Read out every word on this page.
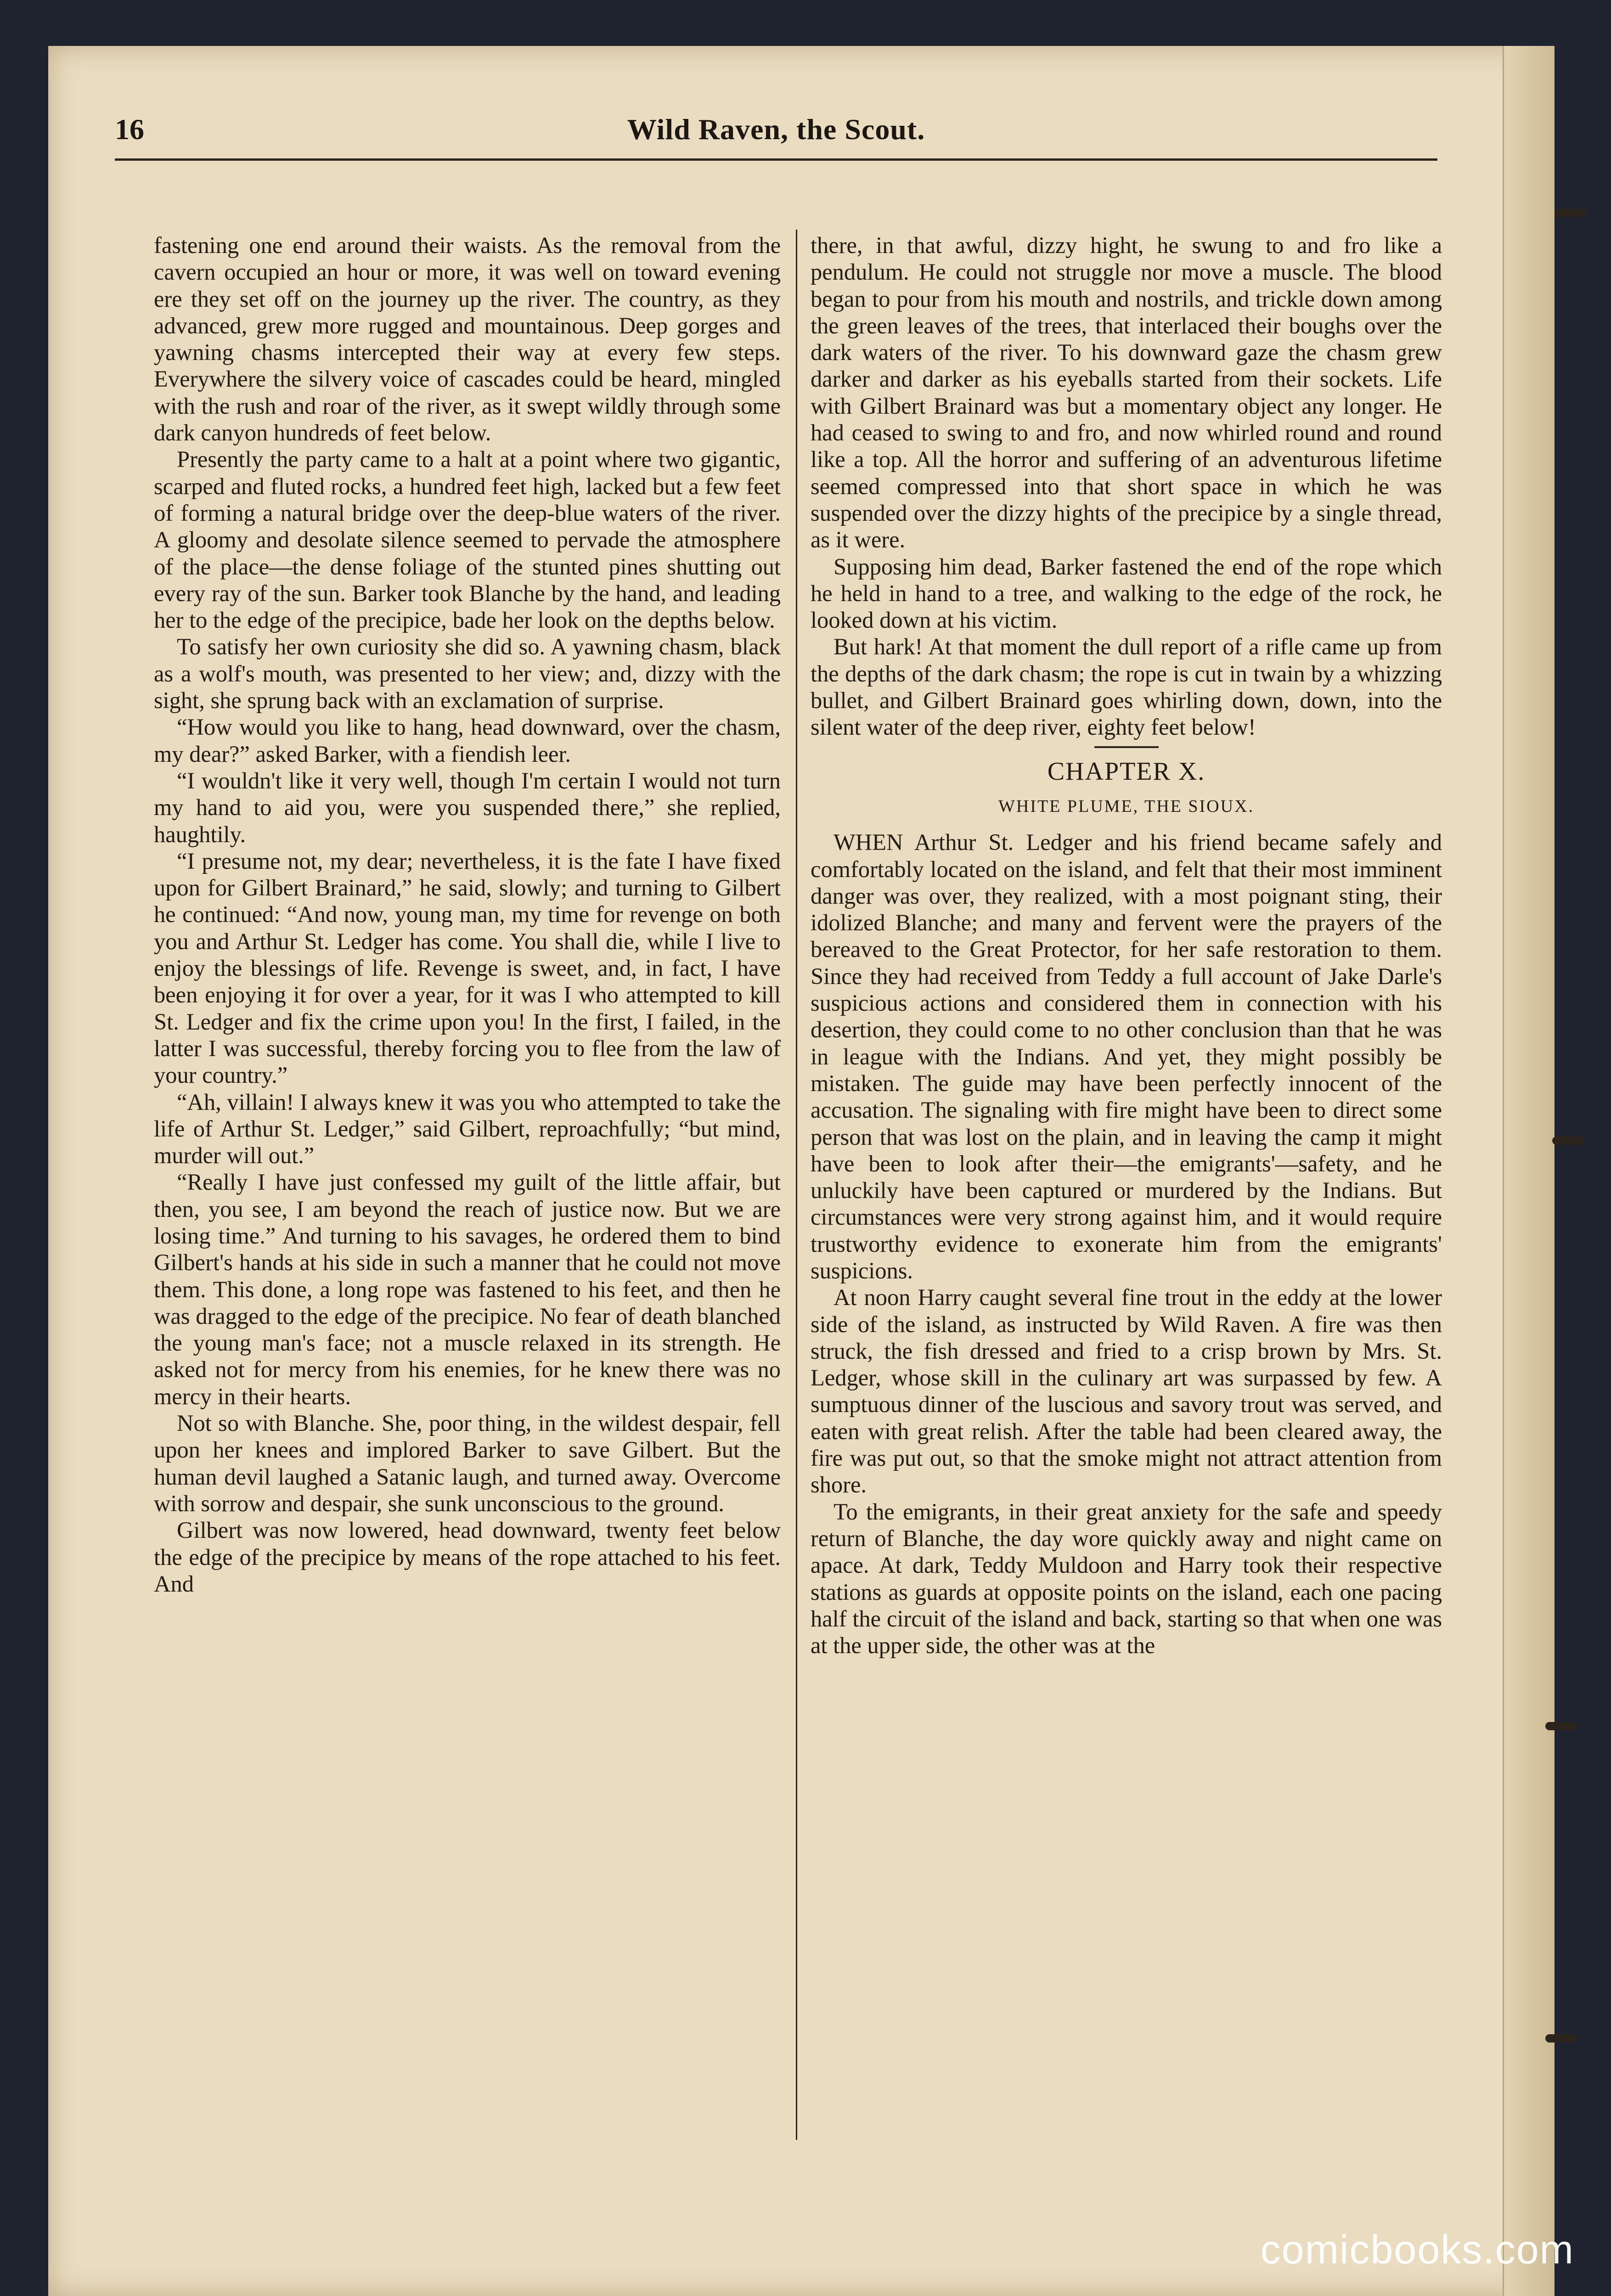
16	Wild Raven, the Scout.

fastening one end around their waists. As the removal from the cavern occupied an hour or more, it was well on toward evening ere they set off on the journey up the river. The country, as they advanced, grew more rugged and mountainous. Deep gorges and yawning chasms intercepted their way at every few steps. Everywhere the silvery voice of cascades could be heard, mingled with the rush and roar of the river, as it swept wildly through some dark canyon hundreds of feet below.

Presently the party came to a halt at a point where two gigantic, scarped and fluted rocks, a hundred feet high, lacked but a few feet of forming a natural bridge over the deep-blue waters of the river. A gloomy and desolate silence seemed to pervade the atmosphere of the place—the dense foliage of the stunted pines shutting out every ray of the sun. Barker took Blanche by the hand, and leading her to the edge of the precipice, bade her look on the depths below.

To satisfy her own curiosity she did so. A yawning chasm, black as a wolf's mouth, was presented to her view; and, dizzy with the sight, she sprung back with an exclamation of surprise.

“How would you like to hang, head downward, over the chasm, my dear?” asked Barker, with a fiendish leer.

“I wouldn't like it very well, though I'm certain I would not turn my hand to aid you, were you suspended there,” she replied, haughtily.

“I presume not, my dear; nevertheless, it is the fate I have fixed upon for Gilbert Brainard,” he said, slowly; and turning to Gilbert he continued: “And now, young man, my time for revenge on both you and Arthur St. Ledger has come. You shall die, while I live to enjoy the blessings of life. Revenge is sweet, and, in fact, I have been enjoying it for over a year, for it was I who attempted to kill St. Ledger and fix the crime upon you! In the first, I failed, in the latter I was successful, thereby forcing you to flee from the law of your country.”

“Ah, villain! I always knew it was you who attempted to take the life of Arthur St. Ledger,” said Gilbert, reproachfully; “but mind, murder will out.”

“Really I have just confessed my guilt of the little affair, but then, you see, I am beyond the reach of justice now. But we are losing time.” And turning to his savages, he ordered them to bind Gilbert's hands at his side in such a manner that he could not move them. This done, a long rope was fastened to his feet, and then he was dragged to the edge of the precipice. No fear of death blanched the young man's face; not a muscle relaxed in its strength. He asked not for mercy from his enemies, for he knew there was no mercy in their hearts.

Not so with Blanche. She, poor thing, in the wildest despair, fell upon her knees and implored Barker to save Gilbert. But the human devil laughed a Satanic laugh, and turned away. Overcome with sorrow and despair, she sunk unconscious to the ground.

Gilbert was now lowered, head downward, twenty feet below the edge of the precipice by means of the rope attached to his feet. And

there, in that awful, dizzy hight, he swung to and fro like a pendulum. He could not struggle nor move a muscle. The blood began to pour from his mouth and nostrils, and trickle down among the green leaves of the trees, that interlaced their boughs over the dark waters of the river. To his downward gaze the chasm grew darker and darker as his eyeballs started from their sockets. Life with Gilbert Brainard was but a momentary object any longer. He had ceased to swing to and fro, and now whirled round and round like a top. All the horror and suffering of an adventurous lifetime seemed compressed into that short space in which he was suspended over the dizzy hights of the precipice by a single thread, as it were.

Supposing him dead, Barker fastened the end of the rope which he held in hand to a tree, and walking to the edge of the rock, he looked down at his victim.

But hark! At that moment the dull report of a rifle came up from the depths of the dark chasm; the rope is cut in twain by a whizzing bullet, and Gilbert Brainard goes whirling down, down, into the silent water of the deep river, eighty feet below!

CHAPTER X.
WHITE PLUME, THE SIOUX.

WHEN Arthur St. Ledger and his friend became safely and comfortably located on the island, and felt that their most imminent danger was over, they realized, with a most poignant sting, their idolized Blanche; and many and fervent were the prayers of the bereaved to the Great Protector, for her safe restoration to them. Since they had received from Teddy a full account of Jake Darle's suspicious actions and considered them in connection with his desertion, they could come to no other conclusion than that he was in league with the Indians. And yet, they might possibly be mistaken. The guide may have been perfectly innocent of the accusation. The signaling with fire might have been to direct some person that was lost on the plain, and in leaving the camp it might have been to look after their—the emigrants'—safety, and he unluckily have been captured or murdered by the Indians. But circumstances were very strong against him, and it would require trustworthy evidence to exonerate him from the emigrants' suspicions.

At noon Harry caught several fine trout in the eddy at the lower side of the island, as instructed by Wild Raven. A fire was then struck, the fish dressed and fried to a crisp brown by Mrs. St. Ledger, whose skill in the culinary art was surpassed by few. A sumptuous dinner of the luscious and savory trout was served, and eaten with great relish. After the table had been cleared away, the fire was put out, so that the smoke might not attract attention from shore.

To the emigrants, in their great anxiety for the safe and speedy return of Blanche, the day wore quickly away and night came on apace. At dark, Teddy Muldoon and Harry took their respective stations as guards at opposite points on the island, each one pacing half the circuit of the island and back, starting so that when one was at the upper side, the other was at the

comicbooks.com
